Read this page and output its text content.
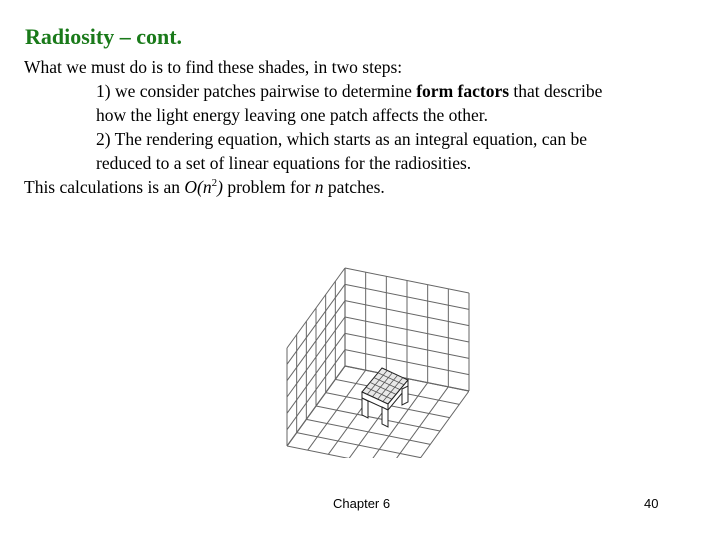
Radiosity – cont.
What we must do is to find these shades, in two steps:
1) we consider patches pairwise to determine form factors that describe
how the light energy leaving one patch affects the other.
2) The rendering equation, which starts as an integral equation, can be
reduced to a set of linear equations for the radiosities.
This calculations is an $O(n^2)$ problem for n patches.
Chapter 6	40
